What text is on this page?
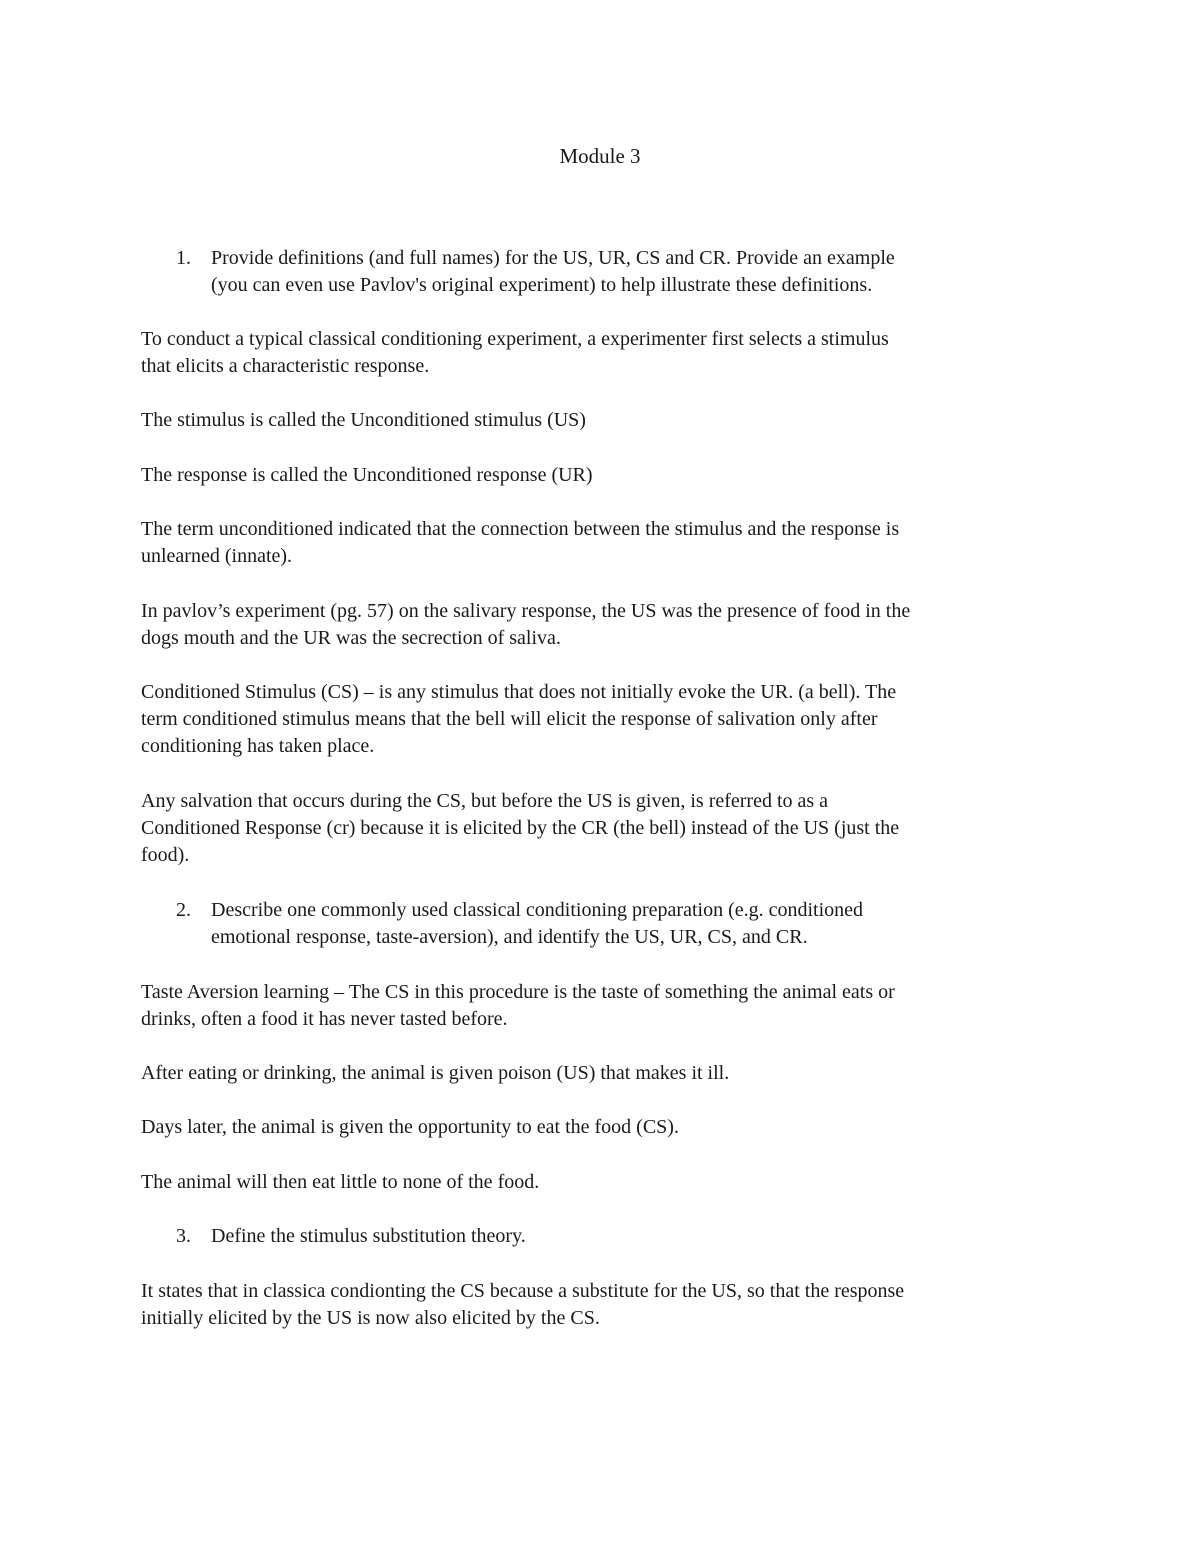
Module 3
1. Provide definitions (and full names) for the US, UR, CS and CR. Provide an example
(you can even use Pavlov's original experiment) to help illustrate these definitions.
To conduct a typical classical conditioning experiment, a experimenter first selects a stimulus
that elicits a characteristic response.
The stimulus is called the Unconditioned stimulus (US)
The response is called the Unconditioned response (UR)
The term unconditioned indicated that the connection between the stimulus and the response is
unlearned (innate).
In pavlov’s experiment (pg. 57) on the salivary response, the US was the presence of food in the
dogs mouth and the UR was the secrection of saliva.
Conditioned Stimulus (CS) – is any stimulus that does not initially evoke the UR. (a bell). The
term conditioned stimulus means that the bell will elicit the response of salivation only after
conditioning has taken place.
Any salvation that occurs during the CS, but before the US is given, is referred to as a
Conditioned Response (cr) because it is elicited by the CR (the bell) instead of the US (just the
food).
2. Describe one commonly used classical conditioning preparation (e.g. conditioned
emotional response, taste-aversion), and identify the US, UR, CS, and CR.
Taste Aversion learning – The CS in this procedure is the taste of something the animal eats or
drinks, often a food it has never tasted before.
After eating or drinking, the animal is given poison (US) that makes it ill.
Days later, the animal is given the opportunity to eat the food (CS).
The animal will then eat little to none of the food.
3. Define the stimulus substitution theory.
It states that in classica condionting the CS because a substitute for the US, so that the response
initially elicited by the US is now also elicited by the CS.
